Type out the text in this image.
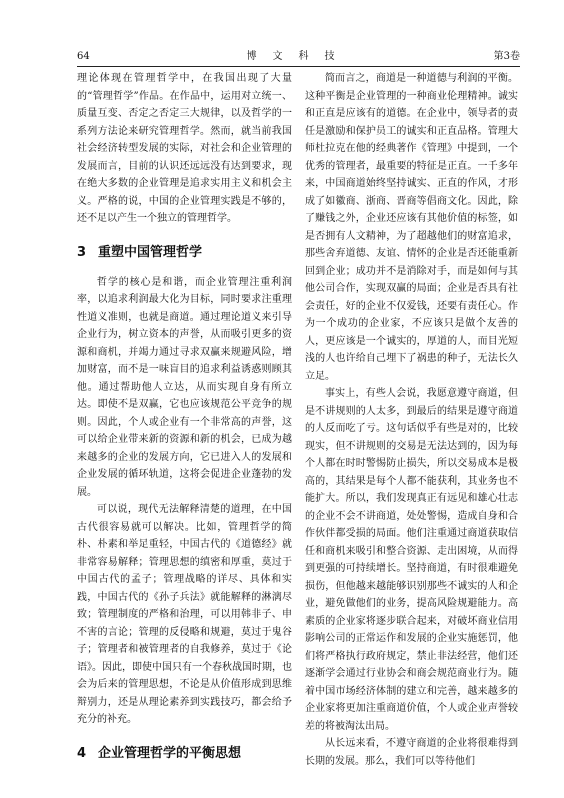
64	博文科技	第3卷

理论体现在管理哲学中，在我国出现了大量的“管理哲学”作品。在作品中，运用对立统一、质量互变、否定之否定三大规律，以及哲学的一系列方法论来研究管理哲学。然而，就当前我国社会经济转型发展的实际，对社会和企业管理的发展而言，目前的认识还远远没有达到要求，现在绝大多数的企业管理是追求实用主义和机会主义。严格的说，中国的企业管理实践是不够的，还不足以产生一个独立的管理哲学。

3 重塑中国管理哲学

哲学的核心是和谐，而企业管理注重利润率，以追求利润最大化为目标，同时要求注重理性道义准则，也就是商道。通过理论道义来引导企业行为，树立资本的声誉，从而吸引更多的资源和商机，并竭力通过寻求双赢来规避风险，增加财富，而不是一味盲目的追求利益诱惑则顾其他。通过帮助他人立达，从而实现自身有所立达。即使不是双赢，它也应该规范公平竞争的规则。因此，个人或企业有一个非常高的声誉，这可以给企业带来新的资源和新的机会，已成为越来越多的企业的发展方向，它已进入人的发展和企业发展的循环轨道，这将会促进企业蓬勃的发展。

可以说，现代无法解释清楚的道理，在中国古代很容易就可以解决。比如，管理哲学的简朴、朴素和举足重轻，中国古代的《道德经》就非常容易解释；管理思想的缜密和厚重，莫过于中国古代的孟子；管理战略的详尽、具体和实践，中国古代的《孙子兵法》就能解释的淋漓尽致；管理制度的严格和治理，可以用韩非子、申不害的言论；管理的反侵略和规避，莫过于鬼谷子；管理者和被管理者的自我修养，莫过于《论语》。因此，即使中国只有一个春秋战国时期，也会为后来的管理思想，不论是从价值形成到思维辩别力，还是从理论素养到实践技巧，都会给予充分的补充。

4 企业管理哲学的平衡思想

简而言之，商道是一种道德与利润的平衡。这种平衡是企业管理的一种商业伦理精神。诚实和正直是应该有的道德。在企业中，领导者的责任是激励和保护员工的诚实和正直品格。管理大师杜拉克在他的经典著作《管理》中提到，一个优秀的管理者，最重要的特征是正直。一千多年来，中国商道始终坚持诚实、正直的作风，才形成了如徽商、浙商、晋商等倡商文化。因此，除了赚钱之外，企业还应该有其他价值的标签，如是否拥有人文精神，为了超越他们的财富追求，那些舍弃道德、友谊、情怀的企业是否还能重新回到企业；成功并不是消除对手，而是如何与其他公司合作，实现双赢的局面；企业是否具有社会责任，好的企业不仅爱钱，还要有责任心。作为一个成功的企业家，不应该只是做个友善的人，更应该是一个诚实的，厚道的人，而目光短浅的人也许给自己埋下了祸患的种子，无法长久立足。

事实上，有些人会说，我愿意遵守商道，但是不讲规则的人太多，到最后的结果是遵守商道的人反而吃了亏。这句话似乎有些是对的，比较现实，但不讲规则的交易是无法达到的，因为每个人都在时时警惕防止损失，所以交易成本是极高的，其结果是每个人都不能获利，其业务也不能扩大。所以，我们发现真正有远见和雄心壮志的企业不会不讲商道，处处警惕，造成自身和合作伙伴都受损的局面。他们注重通过商道获取信任和商机来吸引和整合资源、走出困境，从而得到更强的可持续增长。坚持商道，有时很难避免损伤，但他越来越能够识别那些不诚实的人和企业，避免做他们的业务，提高风险规避能力。高素质的企业家将逐步联合起来，对破坏商业信用影响公司的正常运作和发展的企业实施惩罚，他们将严格执行政府规定，禁止非法经营，他们还逐渐学会通过行业协会和商会规范商业行为。随着中国市场经济体制的建立和完善，越来越多的企业家将更加注重商道价值，个人或企业声誉较差的将被淘汰出局。

从长远来看，不遵守商道的企业将很难得到长期的发展。那么，我们可以等待他们
